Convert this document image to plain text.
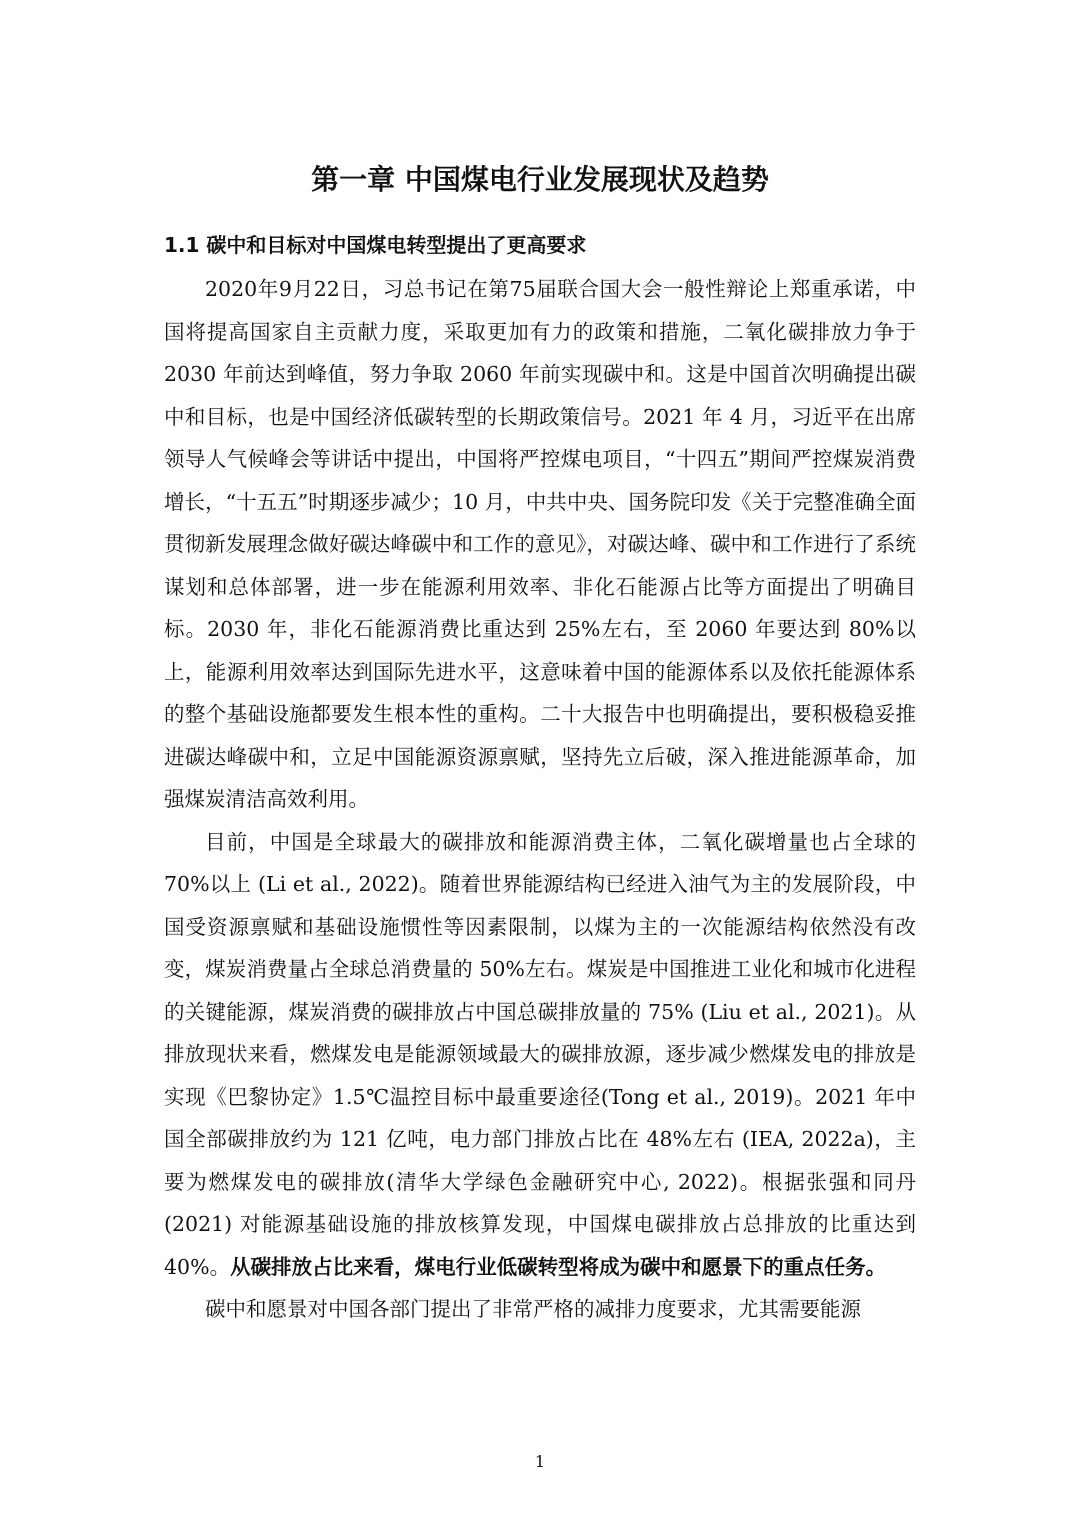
第一章 中国煤电行业发展现状及趋势
1.1 碳中和目标对中国煤电转型提出了更高要求

2020年9月22日，习总书记在第75届联合国大会一般性辩论上郑重承诺，中国将提高国家自主贡献力度，采取更加有力的政策和措施，二氧化碳排放力争于 2030 年前达到峰值，努力争取 2060 年前实现碳中和。这是中国首次明确提出碳中和目标，也是中国经济低碳转型的长期政策信号。2021 年 4 月，习近平在出席领导人气候峰会等讲话中提出，中国将严控煤电项目，“十四五”期间严控煤炭消费增长，“十五五”时期逐步减少；10 月，中共中央、国务院印发《关于完整准确全面贯彻新发展理念做好碳达峰碳中和工作的意见》，对碳达峰、碳中和工作进行了系统谋划和总体部署，进一步在能源利用效率、非化石能源占比等方面提出了明确目标。2030 年，非化石能源消费比重达到 25%左右，至 2060 年要达到 80%以上，能源利用效率达到国际先进水平，这意味着中国的能源体系以及依托能源体系的整个基础设施都要发生根本性的重构。二十大报告中也明确提出，要积极稳妥推进碳达峰碳中和，立足中国能源资源禀赋，坚持先立后破，深入推进能源革命，加强煤炭清洁高效利用。

目前，中国是全球最大的碳排放和能源消费主体，二氧化碳增量也占全球的 70%以上 (Li et al., 2022)。随着世界能源结构已经进入油气为主的发展阶段，中国受资源禀赋和基础设施惯性等因素限制，以煤为主的一次能源结构依然没有改变，煤炭消费量占全球总消费量的 50%左右。煤炭是中国推进工业化和城市化进程的关键能源，煤炭消费的碳排放占中国总碳排放量的 75% (Liu et al., 2021)。从排放现状来看，燃煤发电是能源领域最大的碳排放源，逐步减少燃煤发电的排放是实现《巴黎协定》1.5℃温控目标中最重要途径(Tong et al., 2019)。2021 年中国全部碳排放约为 121 亿吨，电力部门排放占比在 48%左右 (IEA, 2022a)，主要为燃煤发电的碳排放(清华大学绿色金融研究中心, 2022)。根据张强和同丹(2021) 对能源基础设施的排放核算发现，中国煤电碳排放占总排放的比重达到 40%。从碳排放占比来看，煤电行业低碳转型将成为碳中和愿景下的重点任务。

碳中和愿景对中国各部门提出了非常严格的减排力度要求，尤其需要能源

1
